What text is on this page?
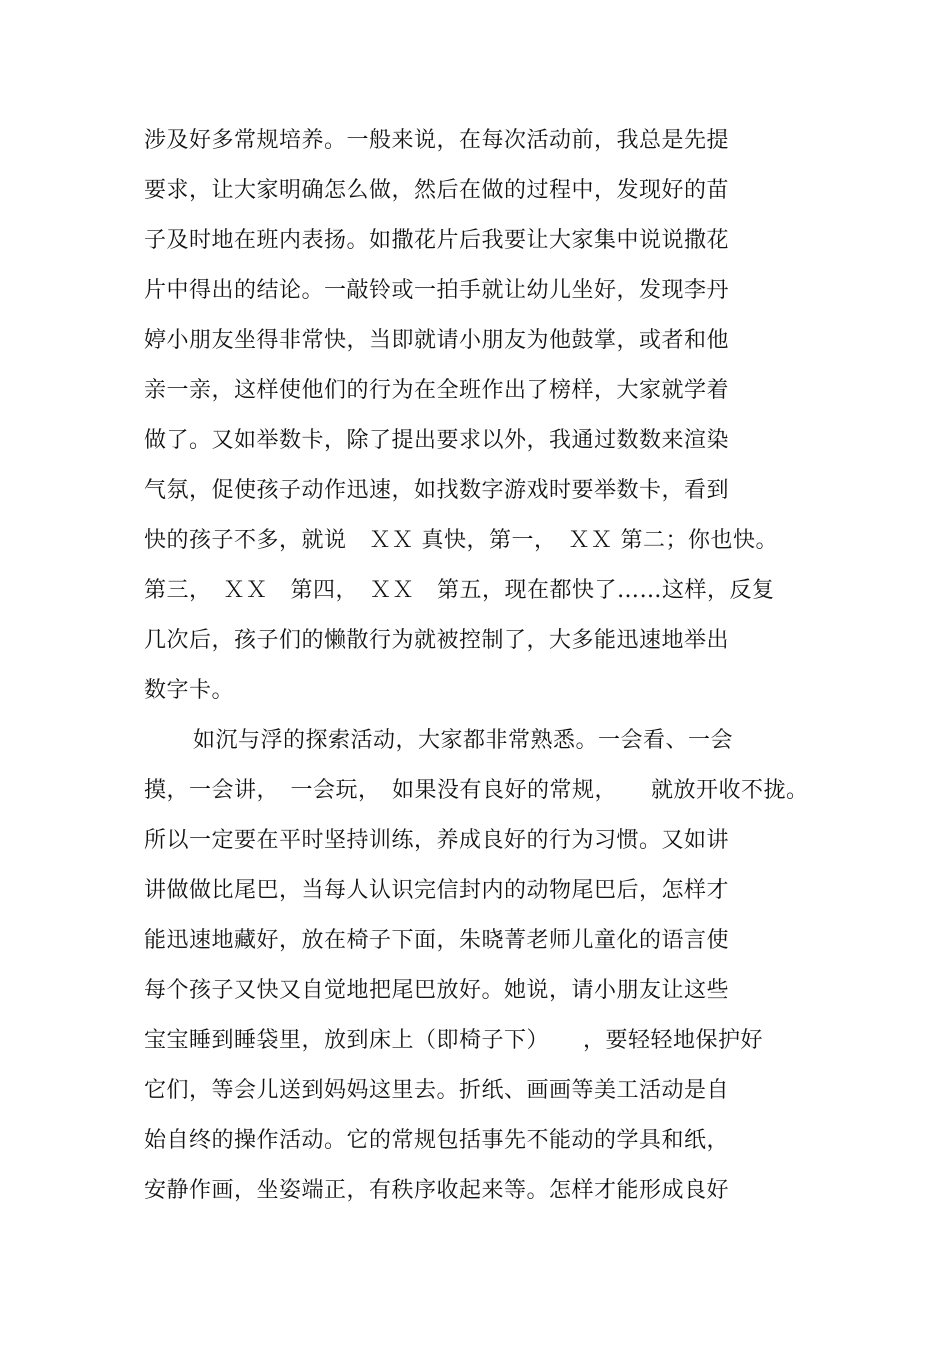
涉及好多常规培养。一般来说，在每次活动前，我总是先提
要求，让大家明确怎么做，然后在做的过程中，发现好的苗
子及时地在班内表扬。如撒花片后我要让大家集中说说撒花
片中得出的结论。一敲铃或一拍手就让幼儿坐好，发现李丹
婷小朋友坐得非常快，当即就请小朋友为他鼓掌，或者和他
亲一亲，这样使他们的行为在全班作出了榜样，大家就学着
做了。又如举数卡，除了提出要求以外，我通过数数来渲染
气氛，促使孩子动作迅速，如找数字游戏时要举数卡，看到
快的孩子不多，就说　ＸＸ 真快，第一，　ＸＸ 第二；你也快。
第三，　ＸＸ　第四，　ＸＸ　第五，现在都快了……这样，反复
几次后，孩子们的懒散行为就被控制了，大多能迅速地举出
数字卡。
如沉与浮的探索活动，大家都非常熟悉。一会看、一会
摸，一会讲，　一会玩，　如果没有良好的常规，　　就放开收不拢。
所以一定要在平时坚持训练，养成良好的行为习惯。又如讲
讲做做比尾巴，当每人认识完信封内的动物尾巴后，怎样才
能迅速地藏好，放在椅子下面，朱晓菁老师儿童化的语言使
每个孩子又快又自觉地把尾巴放好。她说，请小朋友让这些
宝宝睡到睡袋里，放到床上（即椅子下）　　，要轻轻地保护好
它们，等会儿送到妈妈这里去。折纸、画画等美工活动是自
始自终的操作活动。它的常规包括事先不能动的学具和纸，
安静作画，坐姿端正，有秩序收起来等。怎样才能形成良好
